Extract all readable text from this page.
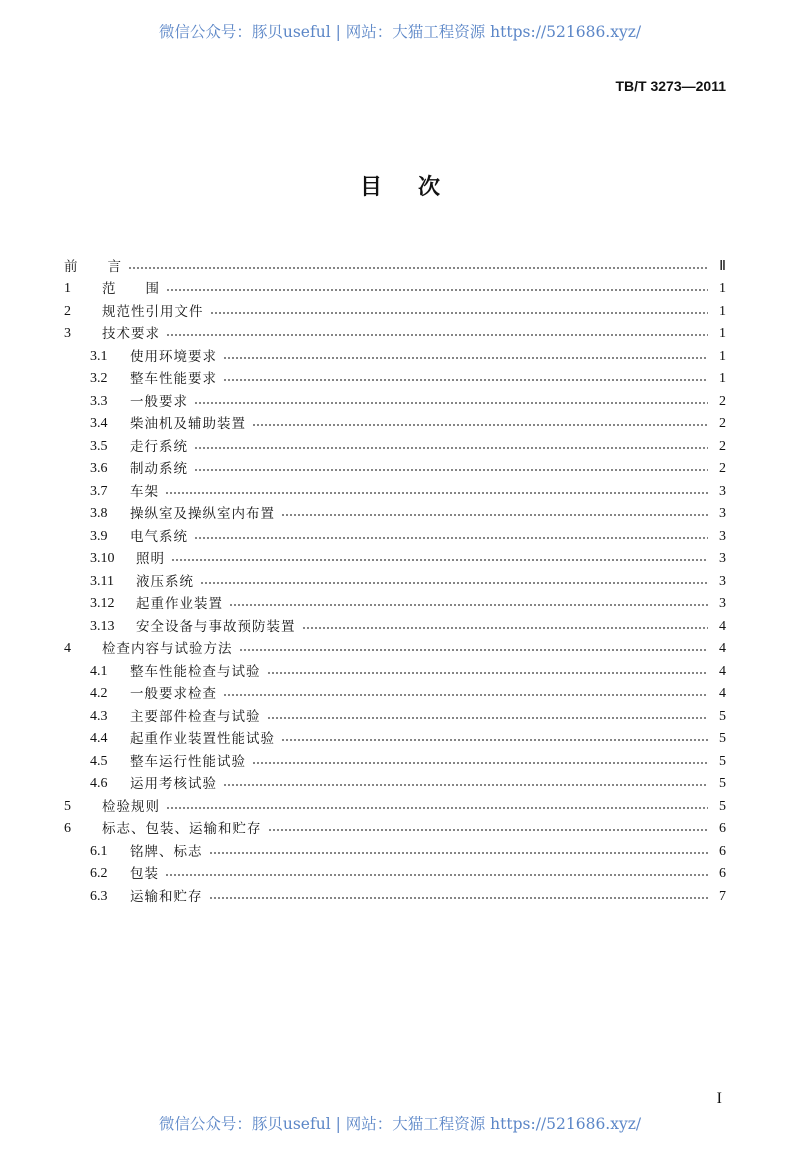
微信公众号：豚贝useful | 网站：大猫工程资源 https://521686.xyz/
TB/T 3273—2011
目 次
前　　言	Ⅱ
1	范　　围	1
2	规范性引用文件	1
3	技术要求	1
3.1	使用环境要求	1
3.2	整车性能要求	1
3.3	一般要求	2
3.4	柴油机及辅助装置	2
3.5	走行系统	2
3.6	制动系统	2
3.7	车架	3
3.8	操纵室及操纵室内布置	3
3.9	电气系统	3
3.10	照明	3
3.11	液压系统	3
3.12	起重作业装置	3
3.13	安全设备与事故预防装置	4
4	检查内容与试验方法	4
4.1	整车性能检查与试验	4
4.2	一般要求检查	4
4.3	主要部件检查与试验	5
4.4	起重作业装置性能试验	5
4.5	整车运行性能试验	5
4.6	运用考核试验	5
5	检验规则	5
6	标志、包装、运输和贮存	6
6.1	铭牌、标志	6
6.2	包装	6
6.3	运输和贮存	7
I
微信公众号：豚贝useful | 网站：大猫工程资源 https://521686.xyz/
